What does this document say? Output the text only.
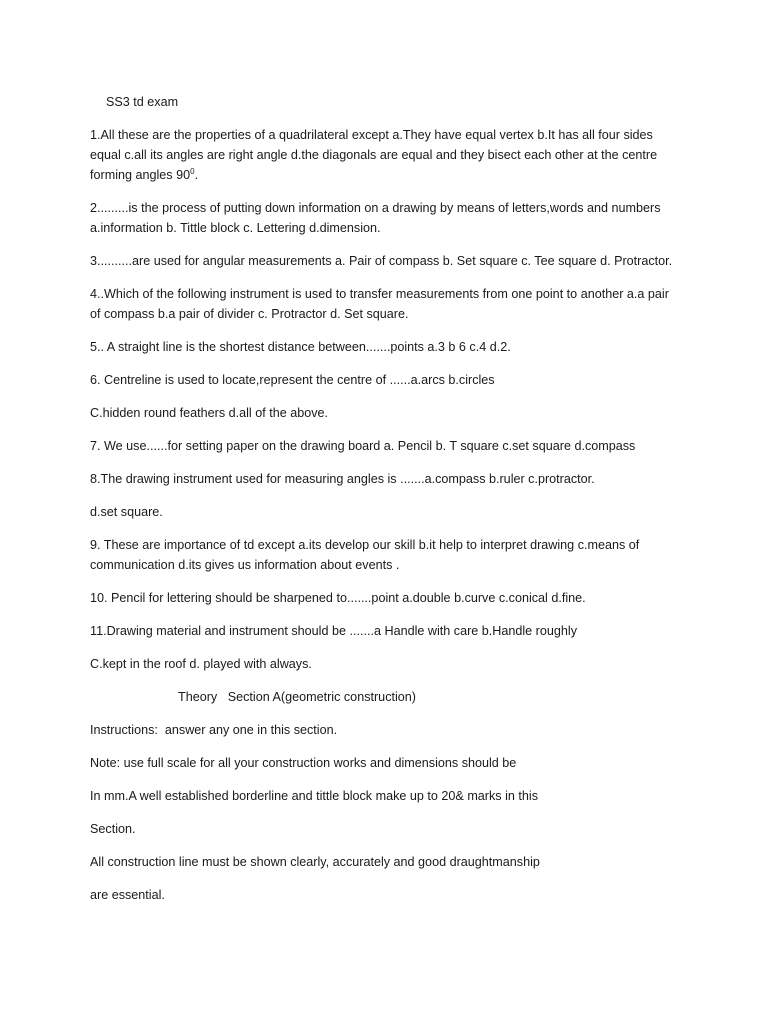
SS3 td exam
1.All these are the properties of a quadrilateral except a.They have equal vertex b.It has all four sides equal c.all its angles are right angle d.the diagonals are equal and they bisect each other at the centre forming angles $90^0$.
2.........is the process of putting down information on a drawing by means of letters,words and numbers a.information b. Tittle block c. Lettering d.dimension.
3..........are used for angular measurements a. Pair of compass b. Set square c. Tee square d. Protractor.
4..Which of the following instrument is used to transfer measurements from one point to another a.a pair of compass b.a pair of divider c. Protractor d. Set square.
5.. A straight line is the shortest distance between.......points a.3 b 6 c.4 d.2.
6. Centreline is used to locate,represent the centre of ......a.arcs b.circles
C.hidden round feathers d.all of the above.
7. We use......for setting paper on the drawing board a. Pencil b. T square c.set square d.compass
8.The drawing instrument used for measuring angles is .......a.compass b.ruler c.protractor.
d.set square.
9. These are importance of td except a.its develop our skill b.it help to interpret drawing c.means of communication d.its gives us information about events .
10. Pencil for lettering should be sharpened to.......point a.double b.curve c.conical d.fine.
11.Drawing material and instrument should be .......a Handle with care b.Handle roughly
C.kept in the roof d. played with always.
Theory   Section A(geometric construction)
Instructions:  answer any one in this section.
Note: use full scale for all your construction works and dimensions should be
In mm.A well established borderline and tittle block make up to 20& marks in this
Section.
All construction line must be shown clearly, accurately and good draughtmanship
are essential.
